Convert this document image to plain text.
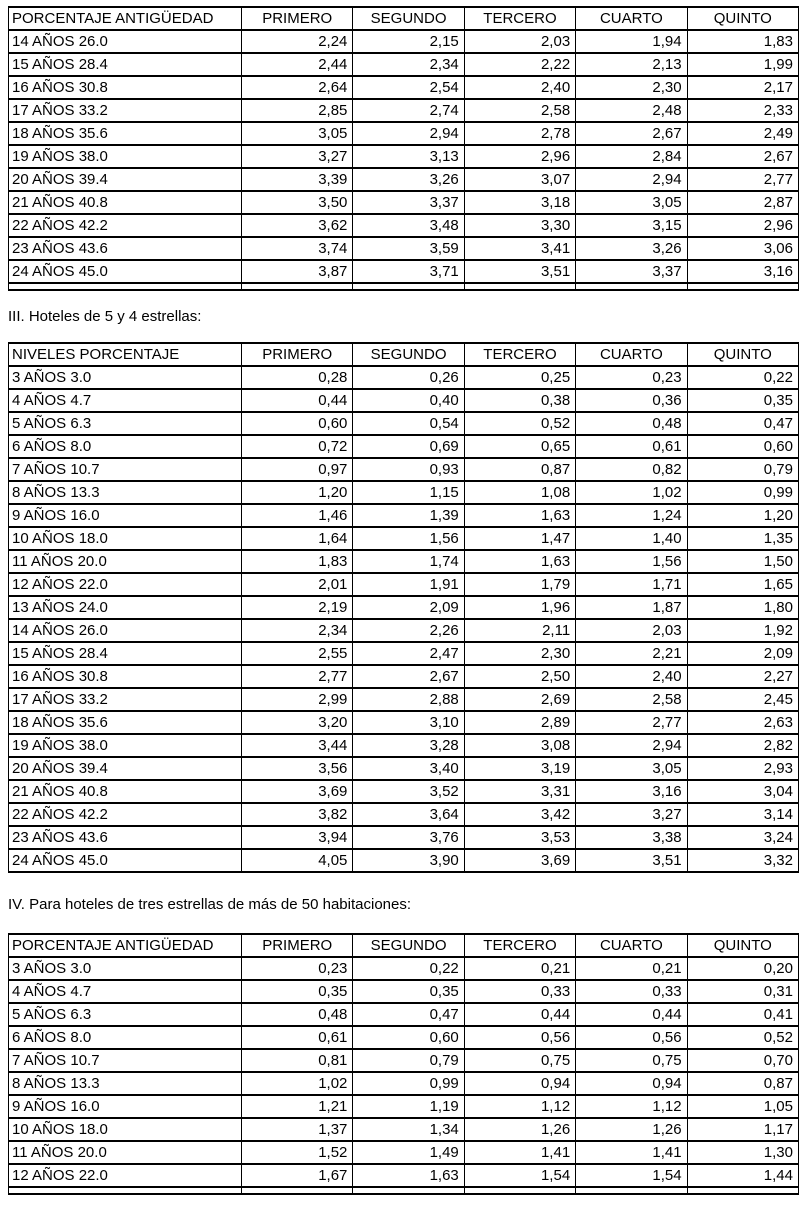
PORCENTAJE ANTIGÜEDAD	PRIMERO	SEGUNDO	TERCERO	CUARTO	QUINTO
14 AÑOS 26.0	2,24	2,15	2,03	1,94	1,83
15 AÑOS 28.4	2,44	2,34	2,22	2,13	1,99
16 AÑOS 30.8	2,64	2,54	2,40	2,30	2,17
17 AÑOS 33.2	2,85	2,74	2,58	2,48	2,33
18 AÑOS 35.6	3,05	2,94	2,78	2,67	2,49
19 AÑOS 38.0	3,27	3,13	2,96	2,84	2,67
20 AÑOS 39.4	3,39	3,26	3,07	2,94	2,77
21 AÑOS 40.8	3,50	3,37	3,18	3,05	2,87
22 AÑOS 42.2	3,62	3,48	3,30	3,15	2,96
23 AÑOS 43.6	3,74	3,59	3,41	3,26	3,06
24 AÑOS 45.0	3,87	3,71	3,51	3,37	3,16

III. Hoteles de 5 y 4 estrellas:

NIVELES PORCENTAJE	PRIMERO	SEGUNDO	TERCERO	CUARTO	QUINTO
3 AÑOS 3.0	0,28	0,26	0,25	0,23	0,22
4 AÑOS 4.7	0,44	0,40	0,38	0,36	0,35
5 AÑOS 6.3	0,60	0,54	0,52	0,48	0,47
6 AÑOS 8.0	0,72	0,69	0,65	0,61	0,60
7 AÑOS 10.7	0,97	0,93	0,87	0,82	0,79
8 AÑOS 13.3	1,20	1,15	1,08	1,02	0,99
9 AÑOS 16.0	1,46	1,39	1,63	1,24	1,20
10 AÑOS 18.0	1,64	1,56	1,47	1,40	1,35
11 AÑOS 20.0	1,83	1,74	1,63	1,56	1,50
12 AÑOS 22.0	2,01	1,91	1,79	1,71	1,65
13 AÑOS 24.0	2,19	2,09	1,96	1,87	1,80
14 AÑOS 26.0	2,34	2,26	2,11	2,03	1,92
15 AÑOS 28.4	2,55	2,47	2,30	2,21	2,09
16 AÑOS 30.8	2,77	2,67	2,50	2,40	2,27
17 AÑOS 33.2	2,99	2,88	2,69	2,58	2,45
18 AÑOS 35.6	3,20	3,10	2,89	2,77	2,63
19 AÑOS 38.0	3,44	3,28	3,08	2,94	2,82
20 AÑOS 39.4	3,56	3,40	3,19	3,05	2,93
21 AÑOS 40.8	3,69	3,52	3,31	3,16	3,04
22 AÑOS 42.2	3,82	3,64	3,42	3,27	3,14
23 AÑOS 43.6	3,94	3,76	3,53	3,38	3,24
24 AÑOS 45.0	4,05	3,90	3,69	3,51	3,32

IV. Para hoteles de tres estrellas de más de 50 habitaciones:

PORCENTAJE ANTIGÜEDAD	PRIMERO	SEGUNDO	TERCERO	CUARTO	QUINTO
3 AÑOS 3.0	0,23	0,22	0,21	0,21	0,20
4 AÑOS 4.7	0,35	0,35	0,33	0,33	0,31
5 AÑOS 6.3	0,48	0,47	0,44	0,44	0,41
6 AÑOS 8.0	0,61	0,60	0,56	0,56	0,52
7 AÑOS 10.7	0,81	0,79	0,75	0,75	0,70
8 AÑOS 13.3	1,02	0,99	0,94	0,94	0,87
9 AÑOS 16.0	1,21	1,19	1,12	1,12	1,05
10 AÑOS 18.0	1,37	1,34	1,26	1,26	1,17
11 AÑOS 20.0	1,52	1,49	1,41	1,41	1,30
12 AÑOS 22.0	1,67	1,63	1,54	1,54	1,44
